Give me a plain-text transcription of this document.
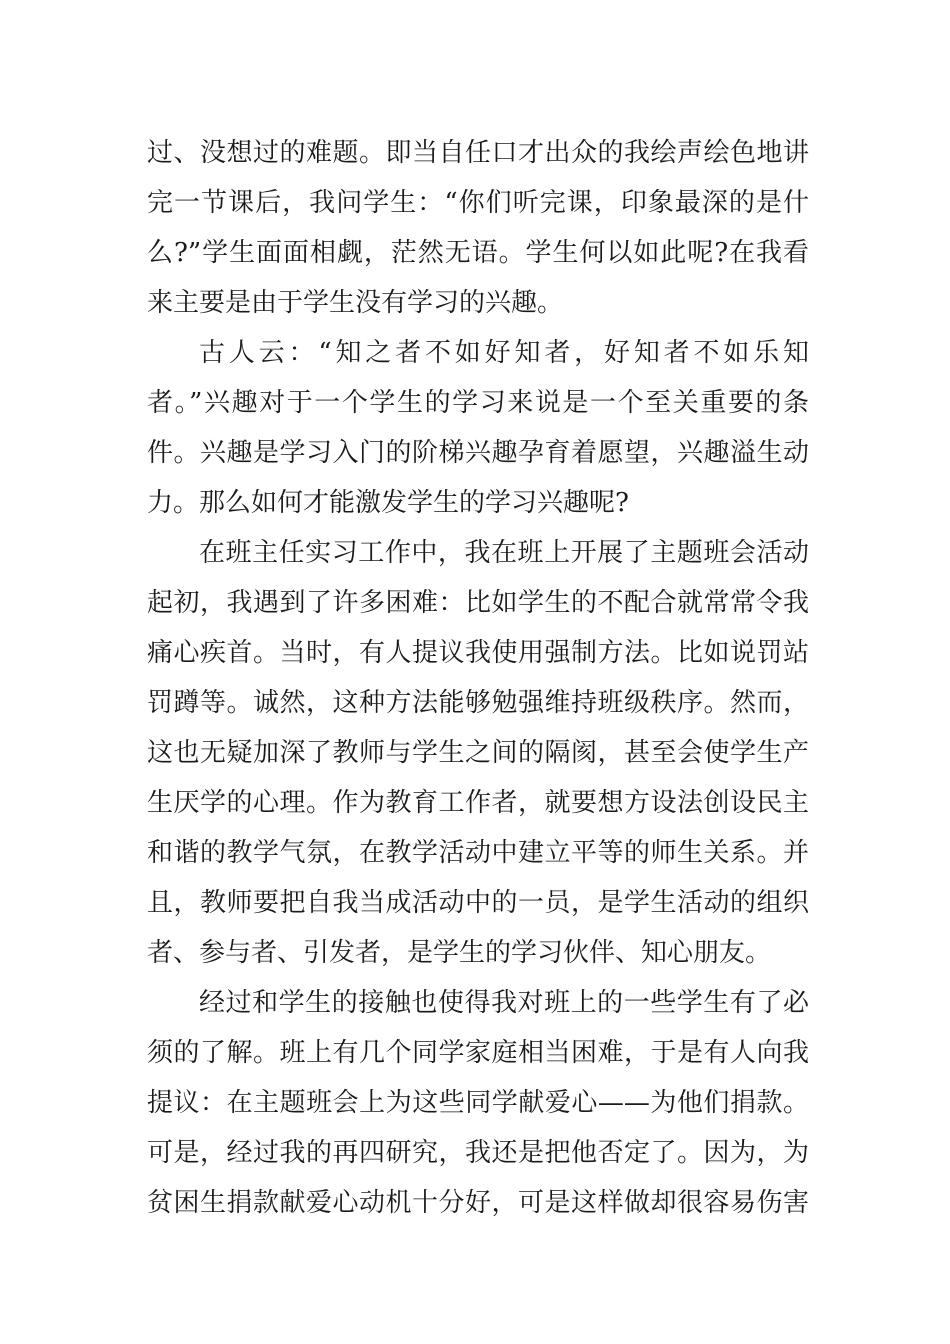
过、没想过的难题。即当自任口才出众的我绘声绘色地讲
完一节课后，我问学生：“你们听完课，印象最深的是什
么?”学生面面相觑，茫然无语。学生何以如此呢?在我看
来主要是由于学生没有学习的兴趣。
古人云：“知之者不如好知者，好知者不如乐知
者。”兴趣对于一个学生的学习来说是一个至关重要的条
件。兴趣是学习入门的阶梯兴趣孕育着愿望，兴趣溢生动
力。那么如何才能激发学生的学习兴趣呢?
在班主任实习工作中，我在班上开展了主题班会活动
起初，我遇到了许多困难：比如学生的不配合就常常令我
痛心疾首。当时，有人提议我使用强制方法。比如说罚站
罚蹲等。诚然，这种方法能够勉强维持班级秩序。然而，
这也无疑加深了教师与学生之间的隔阂，甚至会使学生产
生厌学的心理。作为教育工作者，就要想方设法创设民主
和谐的教学气氛，在教学活动中建立平等的师生关系。并
且，教师要把自我当成活动中的一员，是学生活动的组织
者、参与者、引发者，是学生的学习伙伴、知心朋友。
经过和学生的接触也使得我对班上的一些学生有了必
须的了解。班上有几个同学家庭相当困难，于是有人向我
提议：在主题班会上为这些同学献爱心——为他们捐款。
可是，经过我的再四研究，我还是把他否定了。因为，为
贫困生捐款献爱心动机十分好，可是这样做却很容易伤害
